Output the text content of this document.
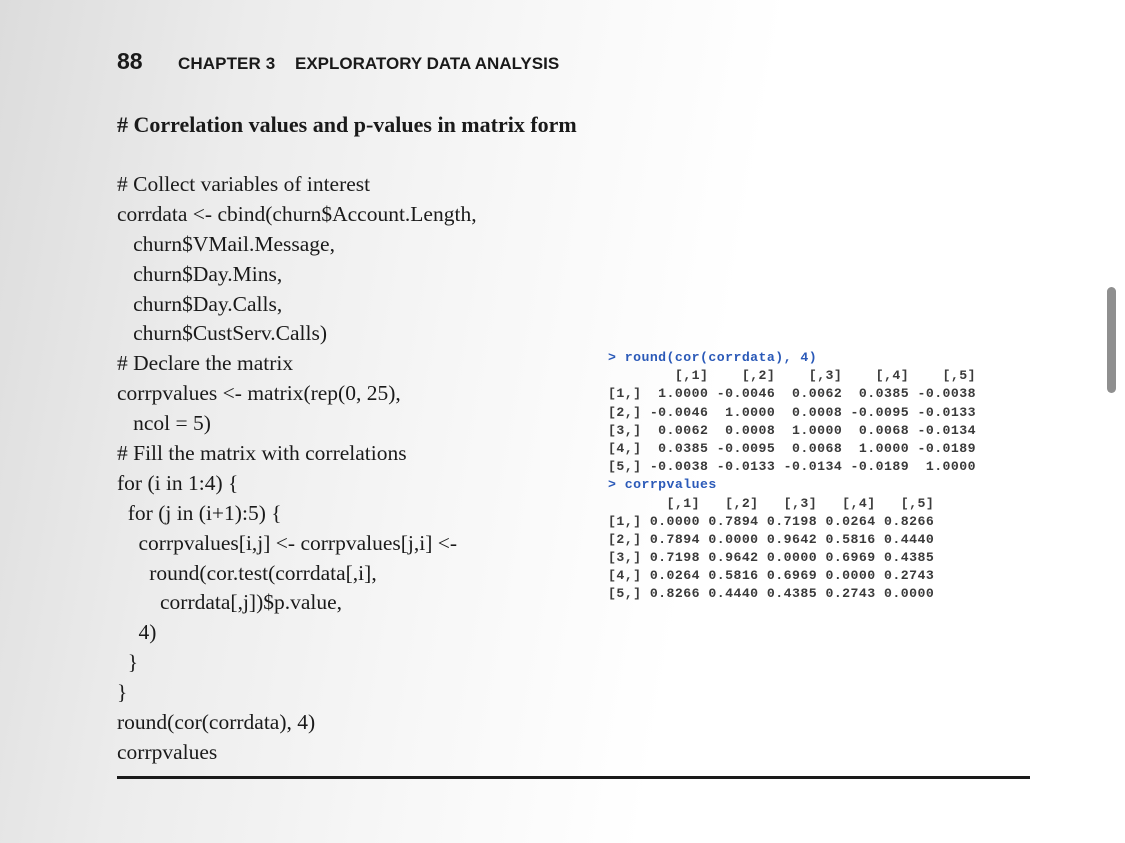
88 CHAPTER 3 EXPLORATORY DATA ANALYSIS
# Correlation values and p-values in matrix form
# Collect variables of interest
corrdata <- cbind(churn$Account.Length,
churn$VMail.Message,
churn$Day.Mins,
churn$Day.Calls,
churn$CustServ.Calls)
# Declare the matrix
corrpvalues <- matrix(rep(0, 25),
ncol = 5)
# Fill the matrix with correlations
for (i in 1:4) {
for (j in (i+1):5) {
corrpvalues[i,j] <- corrpvalues[j,i] <-
round(cor.test(corrdata[,i],
corrdata[,j])$p.value,
4)
}
}
round(cor(corrdata), 4)
corrpvalues
> round(cor(corrdata), 4)
[,1]    [,2]    [,3]    [,4]    [,5]
[1,]  1.0000 -0.0046  0.0062  0.0385 -0.0038
[2,] -0.0046  1.0000  0.0008 -0.0095 -0.0133
[3,]  0.0062  0.0008  1.0000  0.0068 -0.0134
[4,]  0.0385 -0.0095  0.0068  1.0000 -0.0189
[5,] -0.0038 -0.0133 -0.0134 -0.0189  1.0000
> corrpvalues
[,1]   [,2]   [,3]   [,4]   [,5]
[1,] 0.0000 0.7894 0.7198 0.0264 0.8266
[2,] 0.7894 0.0000 0.9642 0.5816 0.4440
[3,] 0.7198 0.9642 0.0000 0.6969 0.4385
[4,] 0.0264 0.5816 0.6969 0.0000 0.2743
[5,] 0.8266 0.4440 0.4385 0.2743 0.0000
